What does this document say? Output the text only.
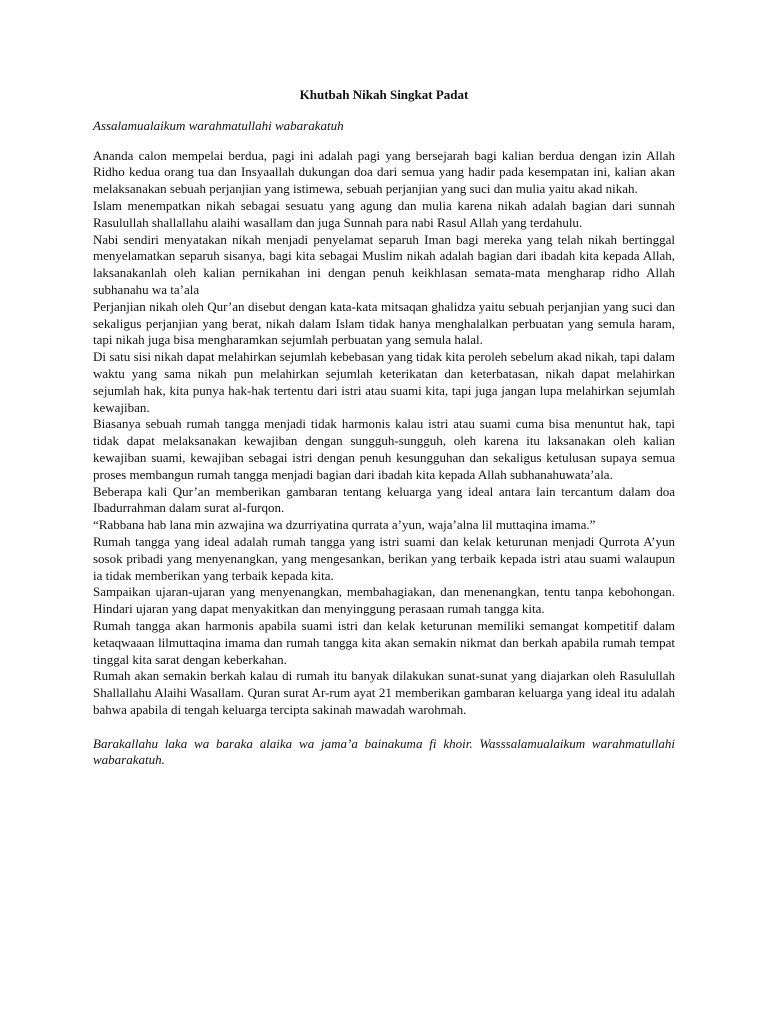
Khutbah Nikah Singkat Padat
Assalamualaikum warahmatullahi wabarakatuh

Ananda calon mempelai berdua, pagi ini adalah pagi yang bersejarah bagi kalian berdua dengan izin Allah Ridho kedua orang tua dan Insyaallah dukungan doa dari semua yang hadir pada kesempatan ini, kalian akan melaksanakan sebuah perjanjian yang istimewa, sebuah perjanjian yang suci dan mulia yaitu akad nikah.

Islam menempatkan nikah sebagai sesuatu yang agung dan mulia karena nikah adalah bagian dari sunnah Rasulullah shallallahu alaihi wasallam dan juga Sunnah para nabi Rasul Allah yang terdahulu.

Nabi sendiri menyatakan nikah menjadi penyelamat separuh Iman bagi mereka yang telah nikah bertinggal menyelamatkan separuh sisanya, bagi kita sebagai Muslim nikah adalah bagian dari ibadah kita kepada Allah, laksanakanlah oleh kalian pernikahan ini dengan penuh keikhlasan semata-mata mengharap ridho Allah subhanahu wa ta’ala

Perjanjian nikah oleh Qur’an disebut dengan kata-kata mitsaqan ghalidza yaitu sebuah perjanjian yang suci dan sekaligus perjanjian yang berat, nikah dalam Islam tidak hanya menghalalkan perbuatan yang semula haram, tapi nikah juga bisa mengharamkan sejumlah perbuatan yang semula halal.

Di satu sisi nikah dapat melahirkan sejumlah kebebasan yang tidak kita peroleh sebelum akad nikah, tapi dalam waktu yang sama nikah pun melahirkan sejumlah keterikatan dan keterbatasan, nikah dapat melahirkan sejumlah hak, kita punya hak-hak tertentu dari istri atau suami kita, tapi juga jangan lupa melahirkan sejumlah kewajiban.

Biasanya sebuah rumah tangga menjadi tidak harmonis kalau istri atau suami cuma bisa menuntut hak, tapi tidak dapat melaksanakan kewajiban dengan sungguh-sungguh, oleh karena itu laksanakan oleh kalian kewajiban suami, kewajiban sebagai istri dengan penuh kesungguhan dan sekaligus ketulusan supaya semua proses membangun rumah tangga menjadi bagian dari ibadah kita kepada Allah subhanahuwata’ala.

Beberapa kali Qur’an memberikan gambaran tentang keluarga yang ideal antara lain tercantum dalam doa Ibadurrahman dalam surat al-furqon.

“Rabbana hab lana min azwajina wa dzurriyatina qurrata a’yun, waja’alna lil muttaqina imama.”

Rumah tangga yang ideal adalah rumah tangga yang istri suami dan kelak keturunan menjadi Qurrota A’yun sosok pribadi yang menyenangkan, yang mengesankan, berikan yang terbaik kepada istri atau suami walaupun ia tidak memberikan yang terbaik kepada kita.

Sampaikan ujaran-ujaran yang menyenangkan, membahagiakan, dan menenangkan, tentu tanpa kebohongan. Hindari ujaran yang dapat menyakitkan dan menyinggung perasaan rumah tangga kita.

Rumah tangga akan harmonis apabila suami istri dan kelak keturunan memiliki semangat kompetitif dalam ketaqwaaan lilmuttaqina imama dan rumah tangga kita akan semakin nikmat dan berkah apabila rumah tempat tinggal kita sarat dengan keberkahan.

Rumah akan semakin berkah kalau di rumah itu banyak dilakukan sunat-sunat yang diajarkan oleh Rasulullah Shallallahu Alaihi Wasallam. Quran surat Ar-rum ayat 21 memberikan gambaran keluarga yang ideal itu adalah bahwa apabila di tengah keluarga tercipta sakinah mawadah warohmah.

Barakallahu laka wa baraka alaika wa jama’a bainakuma fi khoir. Wasssalamualaikum warahmatullahi wabarakatuh.
